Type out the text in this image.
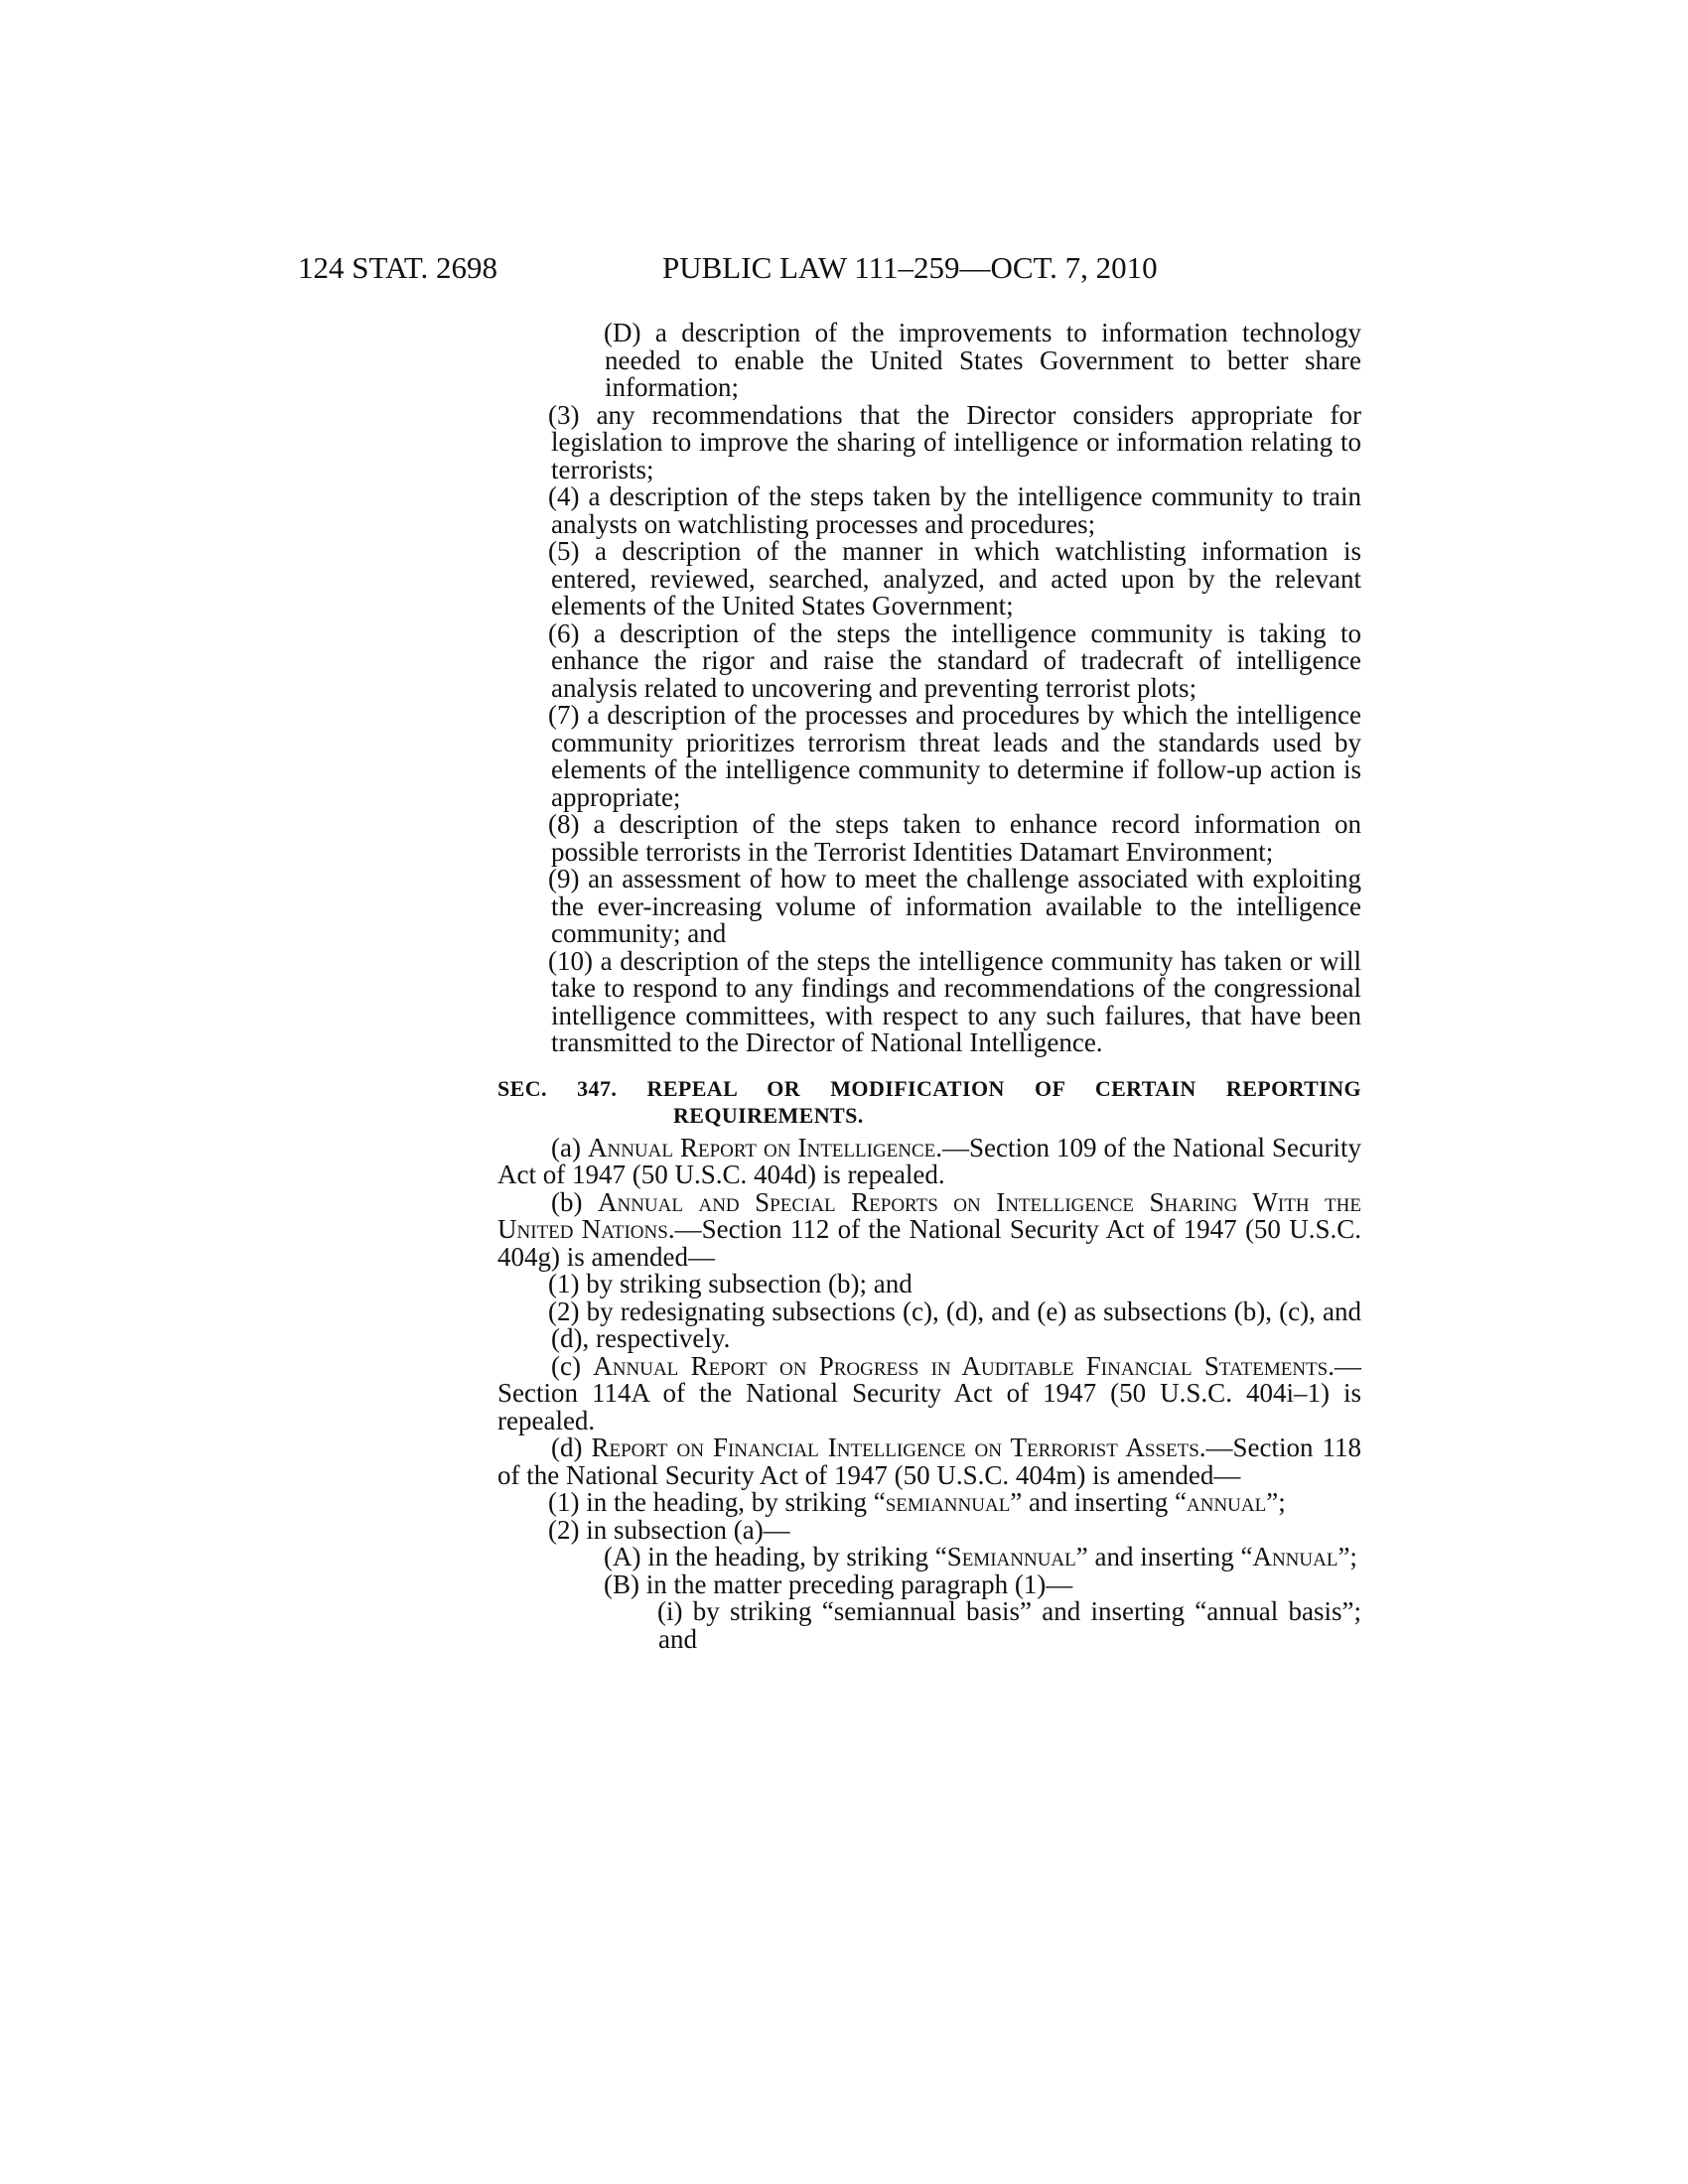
124 STAT. 2698	PUBLIC LAW 111–259—OCT. 7, 2010

(D) a description of the improvements to information technology needed to enable the United States Government to better share information;

(3) any recommendations that the Director considers appropriate for legislation to improve the sharing of intelligence or information relating to terrorists;

(4) a description of the steps taken by the intelligence community to train analysts on watchlisting processes and procedures;

(5) a description of the manner in which watchlisting information is entered, reviewed, searched, analyzed, and acted upon by the relevant elements of the United States Government;

(6) a description of the steps the intelligence community is taking to enhance the rigor and raise the standard of tradecraft of intelligence analysis related to uncovering and preventing terrorist plots;

(7) a description of the processes and procedures by which the intelligence community prioritizes terrorism threat leads and the standards used by elements of the intelligence community to determine if follow-up action is appropriate;

(8) a description of the steps taken to enhance record information on possible terrorists in the Terrorist Identities Datamart Environment;

(9) an assessment of how to meet the challenge associated with exploiting the ever-increasing volume of information available to the intelligence community; and

(10) a description of the steps the intelligence community has taken or will take to respond to any findings and recommendations of the congressional intelligence committees, with respect to any such failures, that have been transmitted to the Director of National Intelligence.

SEC. 347. REPEAL OR MODIFICATION OF CERTAIN REPORTING REQUIREMENTS.

(a) Annual Report on Intelligence.—Section 109 of the National Security Act of 1947 (50 U.S.C. 404d) is repealed.

(b) Annual and Special Reports on Intelligence Sharing With the United Nations.—Section 112 of the National Security Act of 1947 (50 U.S.C. 404g) is amended—

(1) by striking subsection (b); and

(2) by redesignating subsections (c), (d), and (e) as subsections (b), (c), and (d), respectively.

(c) Annual Report on Progress in Auditable Financial Statements.—Section 114A of the National Security Act of 1947 (50 U.S.C. 404i–1) is repealed.

(d) Report on Financial Intelligence on Terrorist Assets.—Section 118 of the National Security Act of 1947 (50 U.S.C. 404m) is amended—

(1) in the heading, by striking “semiannual” and inserting “annual”;

(2) in subsection (a)—

(A) in the heading, by striking “Semiannual” and inserting “Annual”;

(B) in the matter preceding paragraph (1)—

(i) by striking “semiannual basis” and inserting “annual basis”; and
